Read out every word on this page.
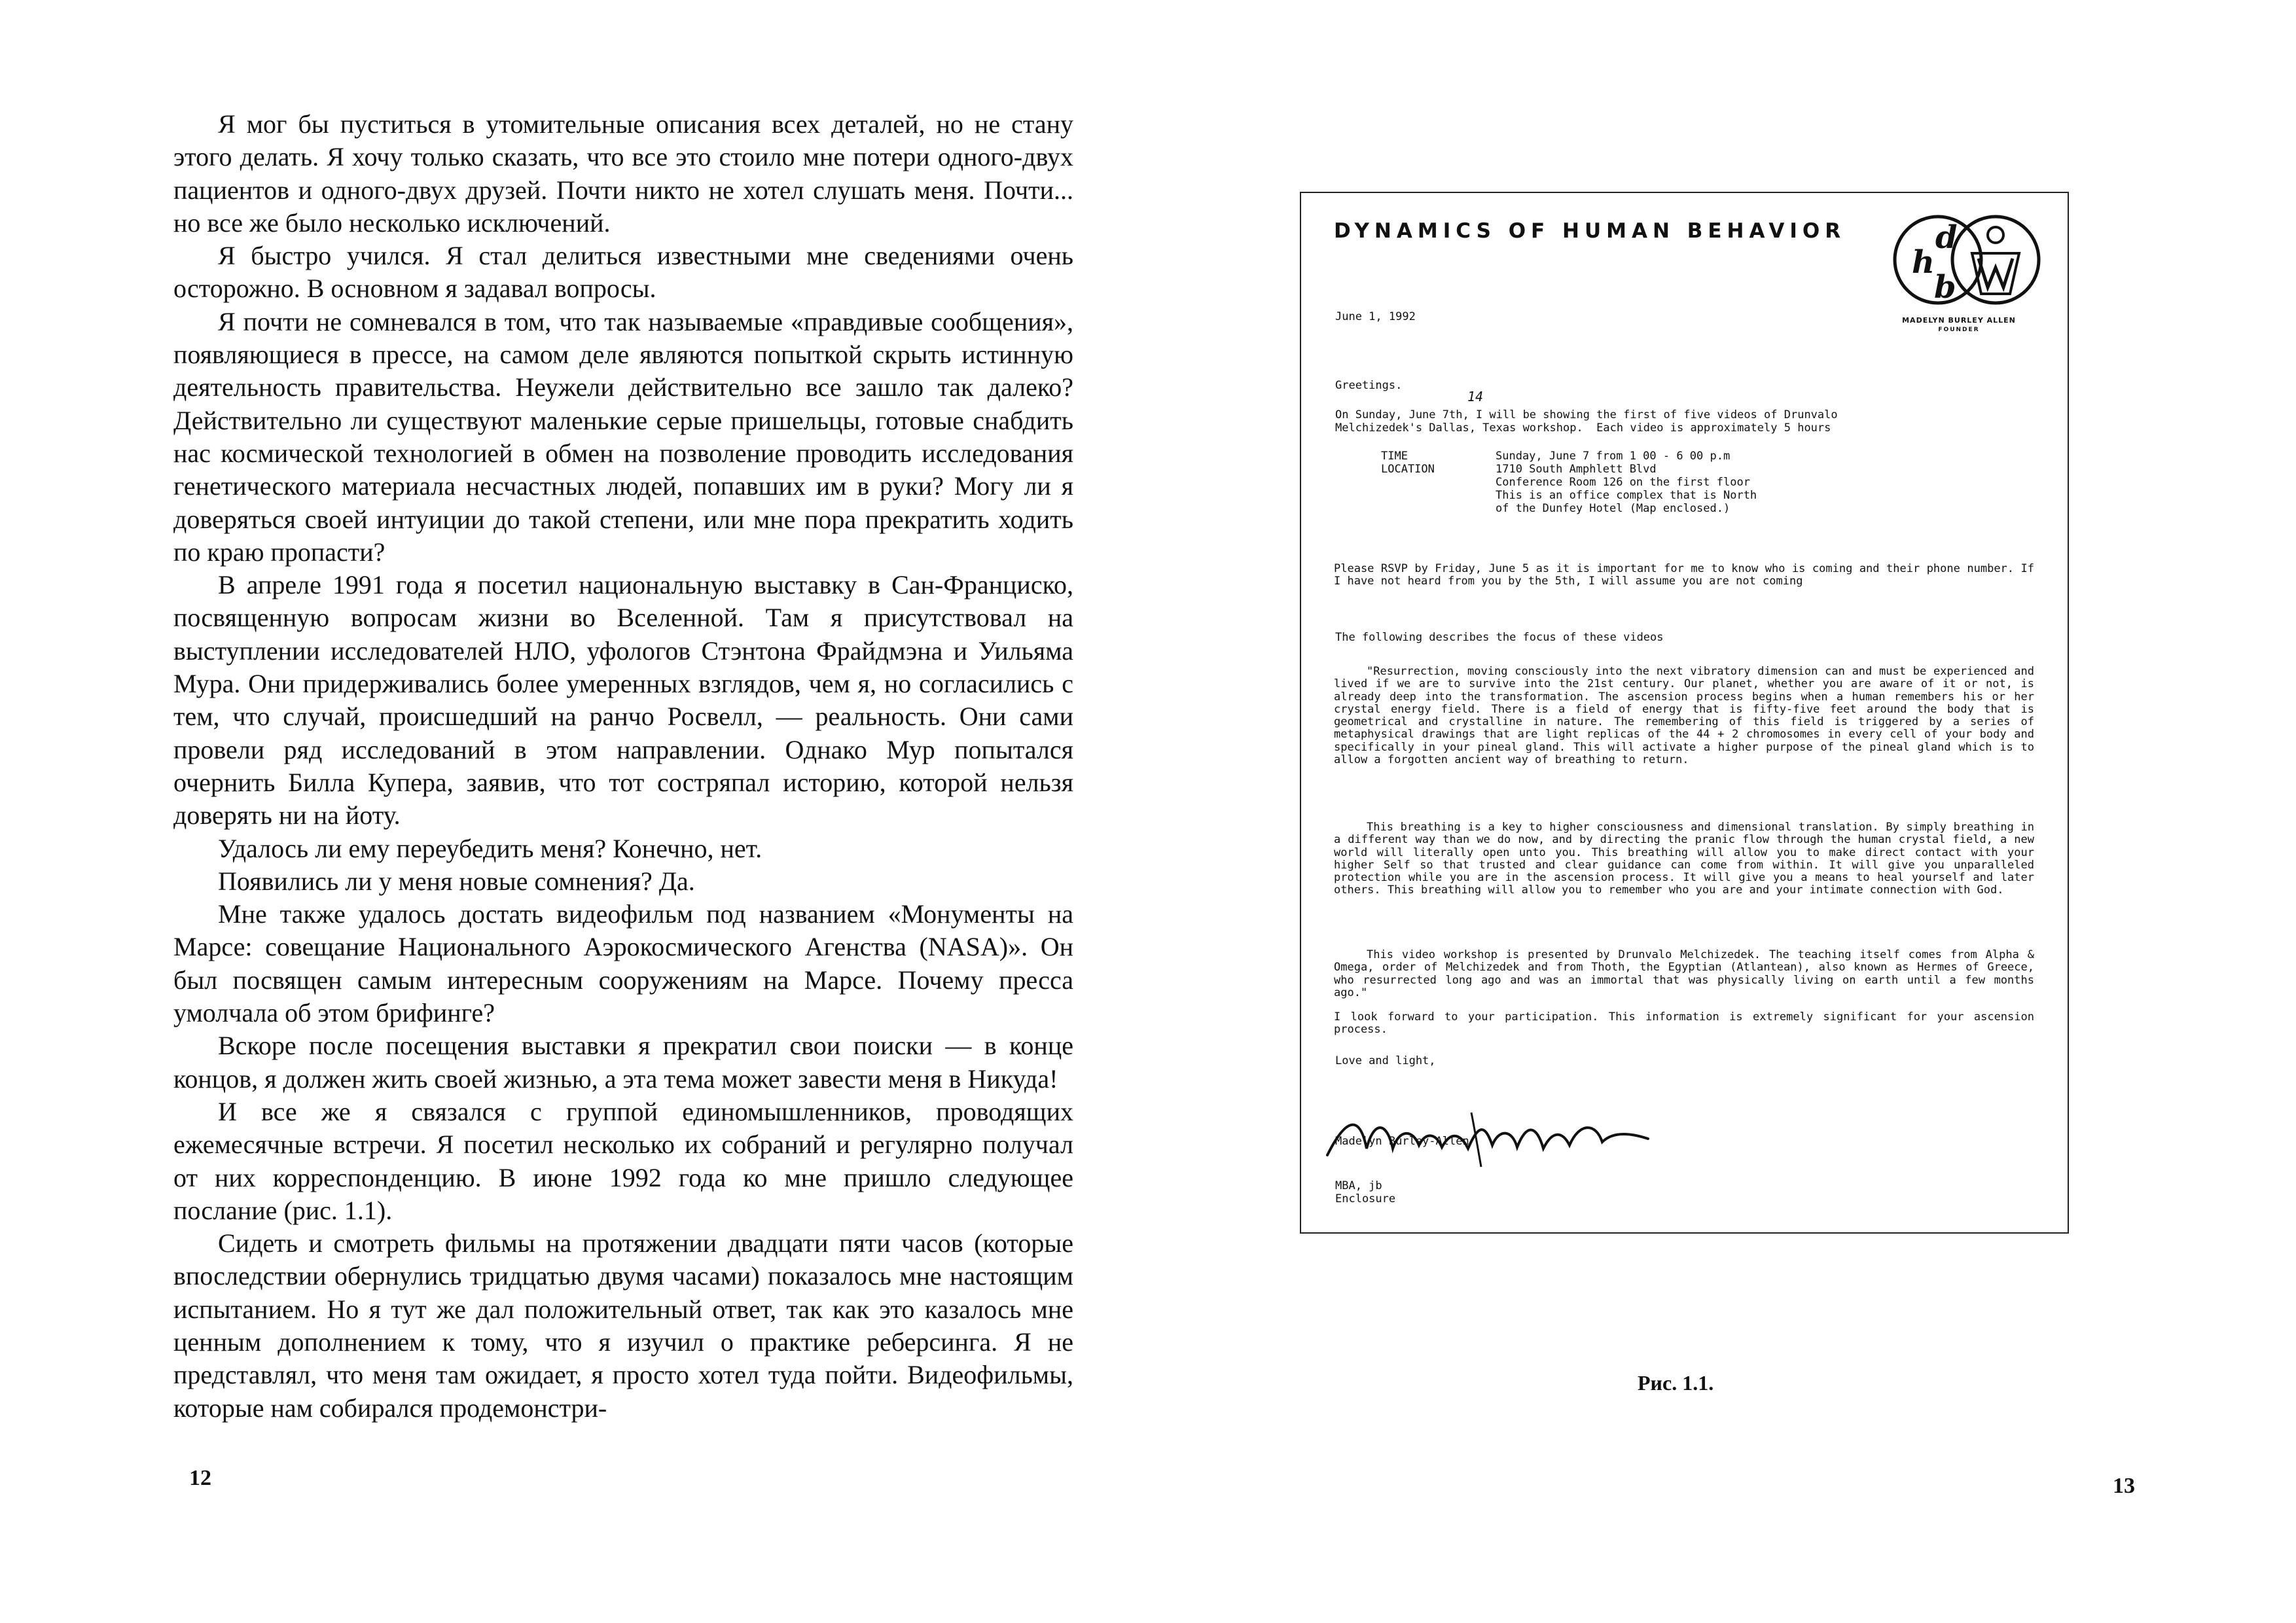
Я мог бы пуститься в утомительные описания всех деталей, но не стану этого делать. Я хочу только сказать, что все это стоило мне потери одного-двух пациентов и одного-двух друзей. Почти никто не хотел слушать меня. Почти... но все же было несколько исключений.

Я быстро учился. Я стал делиться известными мне сведениями очень осторожно. В основном я задавал вопросы.

Я почти не сомневался в том, что так называемые «правдивые сообщения», появляющиеся в прессе, на самом деле являются попыткой скрыть истинную деятельность правительства. Неужели действительно все зашло так далеко? Действительно ли существуют маленькие серые пришельцы, готовые снабдить нас космической технологией в обмен на позволение проводить исследования генетического материала несчастных людей, попавших им в руки? Могу ли я доверяться своей интуиции до такой степени, или мне пора прекратить ходить по краю пропасти?

В апреле 1991 года я посетил национальную выставку в Сан-Франциско, посвященную вопросам жизни во Вселенной. Там я присутствовал на выступлении исследователей НЛО, уфологов Стэнтона Фрайдмэна и Уильяма Мура. Они придерживались более умеренных взглядов, чем я, но согласились с тем, что случай, происшедший на ранчо Росвелл, — реальность. Они сами провели ряд исследований в этом направлении. Однако Мур попытался очернить Билла Купера, заявив, что тот состряпал историю, которой нельзя доверять ни на йоту.

Удалось ли ему переубедить меня? Конечно, нет.

Появились ли у меня новые сомнения? Да.

Мне также удалось достать видеофильм под названием «Монументы на Марсе: совещание Национального Аэрокосмического Агенства (NASA)». Он был посвящен самым интересным сооружениям на Марсе. Почему пресса умолчала об этом брифинге?

Вскоре после посещения выставки я прекратил свои поиски — в конце концов, я должен жить своей жизнью, а эта тема может завести меня в Никуда!

И все же я связался с группой единомышленников, проводящих ежемесячные встречи. Я посетил несколько их собраний и регулярно получал от них корреспонденцию. В июне 1992 года ко мне пришло следующее послание (рис. 1.1).

Сидеть и смотреть фильмы на протяжении двадцати пяти часов (которые впоследствии обернулись тридцатью двумя часами) показалось мне настоящим испытанием. Но я тут же дал положительный ответ, так как это казалось мне ценным дополнением к тому, что я изучил о практике реберсинга. Я не представлял, что меня там ожидает, я просто хотел туда пойти. Видеофильмы, которые нам собирался продемонстри-

12
DYNAMICS OF HUMAN BEHAVIOR
h
d
b
MADELYN BURLEY ALLEN
FOUNDER
June 1, 1992
Greetings.
14
On Sunday, June 7th, I will be showing the first of five videos of Drunvalo
Melchizedek's Dallas, Texas workshop.  Each video is approximately 5 hours
TIME	Sunday, June 7 from 1 00 - 6 00 p.m
LOCATION	1710 South Amphlett Blvd
Conference Room 126 on the first floor
This is an office complex that is North
of the Dunfey Hotel (Map enclosed.)
Please RSVP by Friday, June 5 as it is important for me to know who is coming and their phone number. If I have not heard from you by the 5th, I will assume you are not coming
The following describes the focus of these videos
"Resurrection, moving consciously into the next vibratory dimension can and must be experienced and lived if we are to survive into the 21st century. Our planet, whether you are aware of it or not, is already deep into the transformation. The ascension process begins when a human remembers his or her crystal energy field. There is a field of energy that is fifty-five feet around the body that is geometrical and crystalline in nature. The remembering of this field is triggered by a series of metaphysical drawings that are light replicas of the 44 + 2 chromosomes in every cell of your body and specifically in your pineal gland. This will activate a higher purpose of the pineal gland which is to allow a forgotten ancient way of breathing to return.
This breathing is a key to higher consciousness and dimensional translation. By simply breathing in a different way than we do now, and by directing the pranic flow through the human crystal field, a new world will literally open unto you. This breathing will allow you to make direct contact with your higher Self so that trusted and clear guidance can come from within. It will give you unparalleled protection while you are in the ascension process. It will give you a means to heal yourself and later others. This breathing will allow you to remember who you are and your intimate connection with God.
This video workshop is presented by Drunvalo Melchizedek. The teaching itself comes from Alpha & Omega, order of Melchizedek and from Thoth, the Egyptian (Atlantean), also known as Hermes of Greece, who resurrected long ago and was an immortal that was physically living on earth until a few months ago."
I look forward to your participation. This information is extremely significant for your ascension process.
Love and light,
Madelyn Burley-Allen
MBA, jb
Enclosure
Рис. 1.1.
13
